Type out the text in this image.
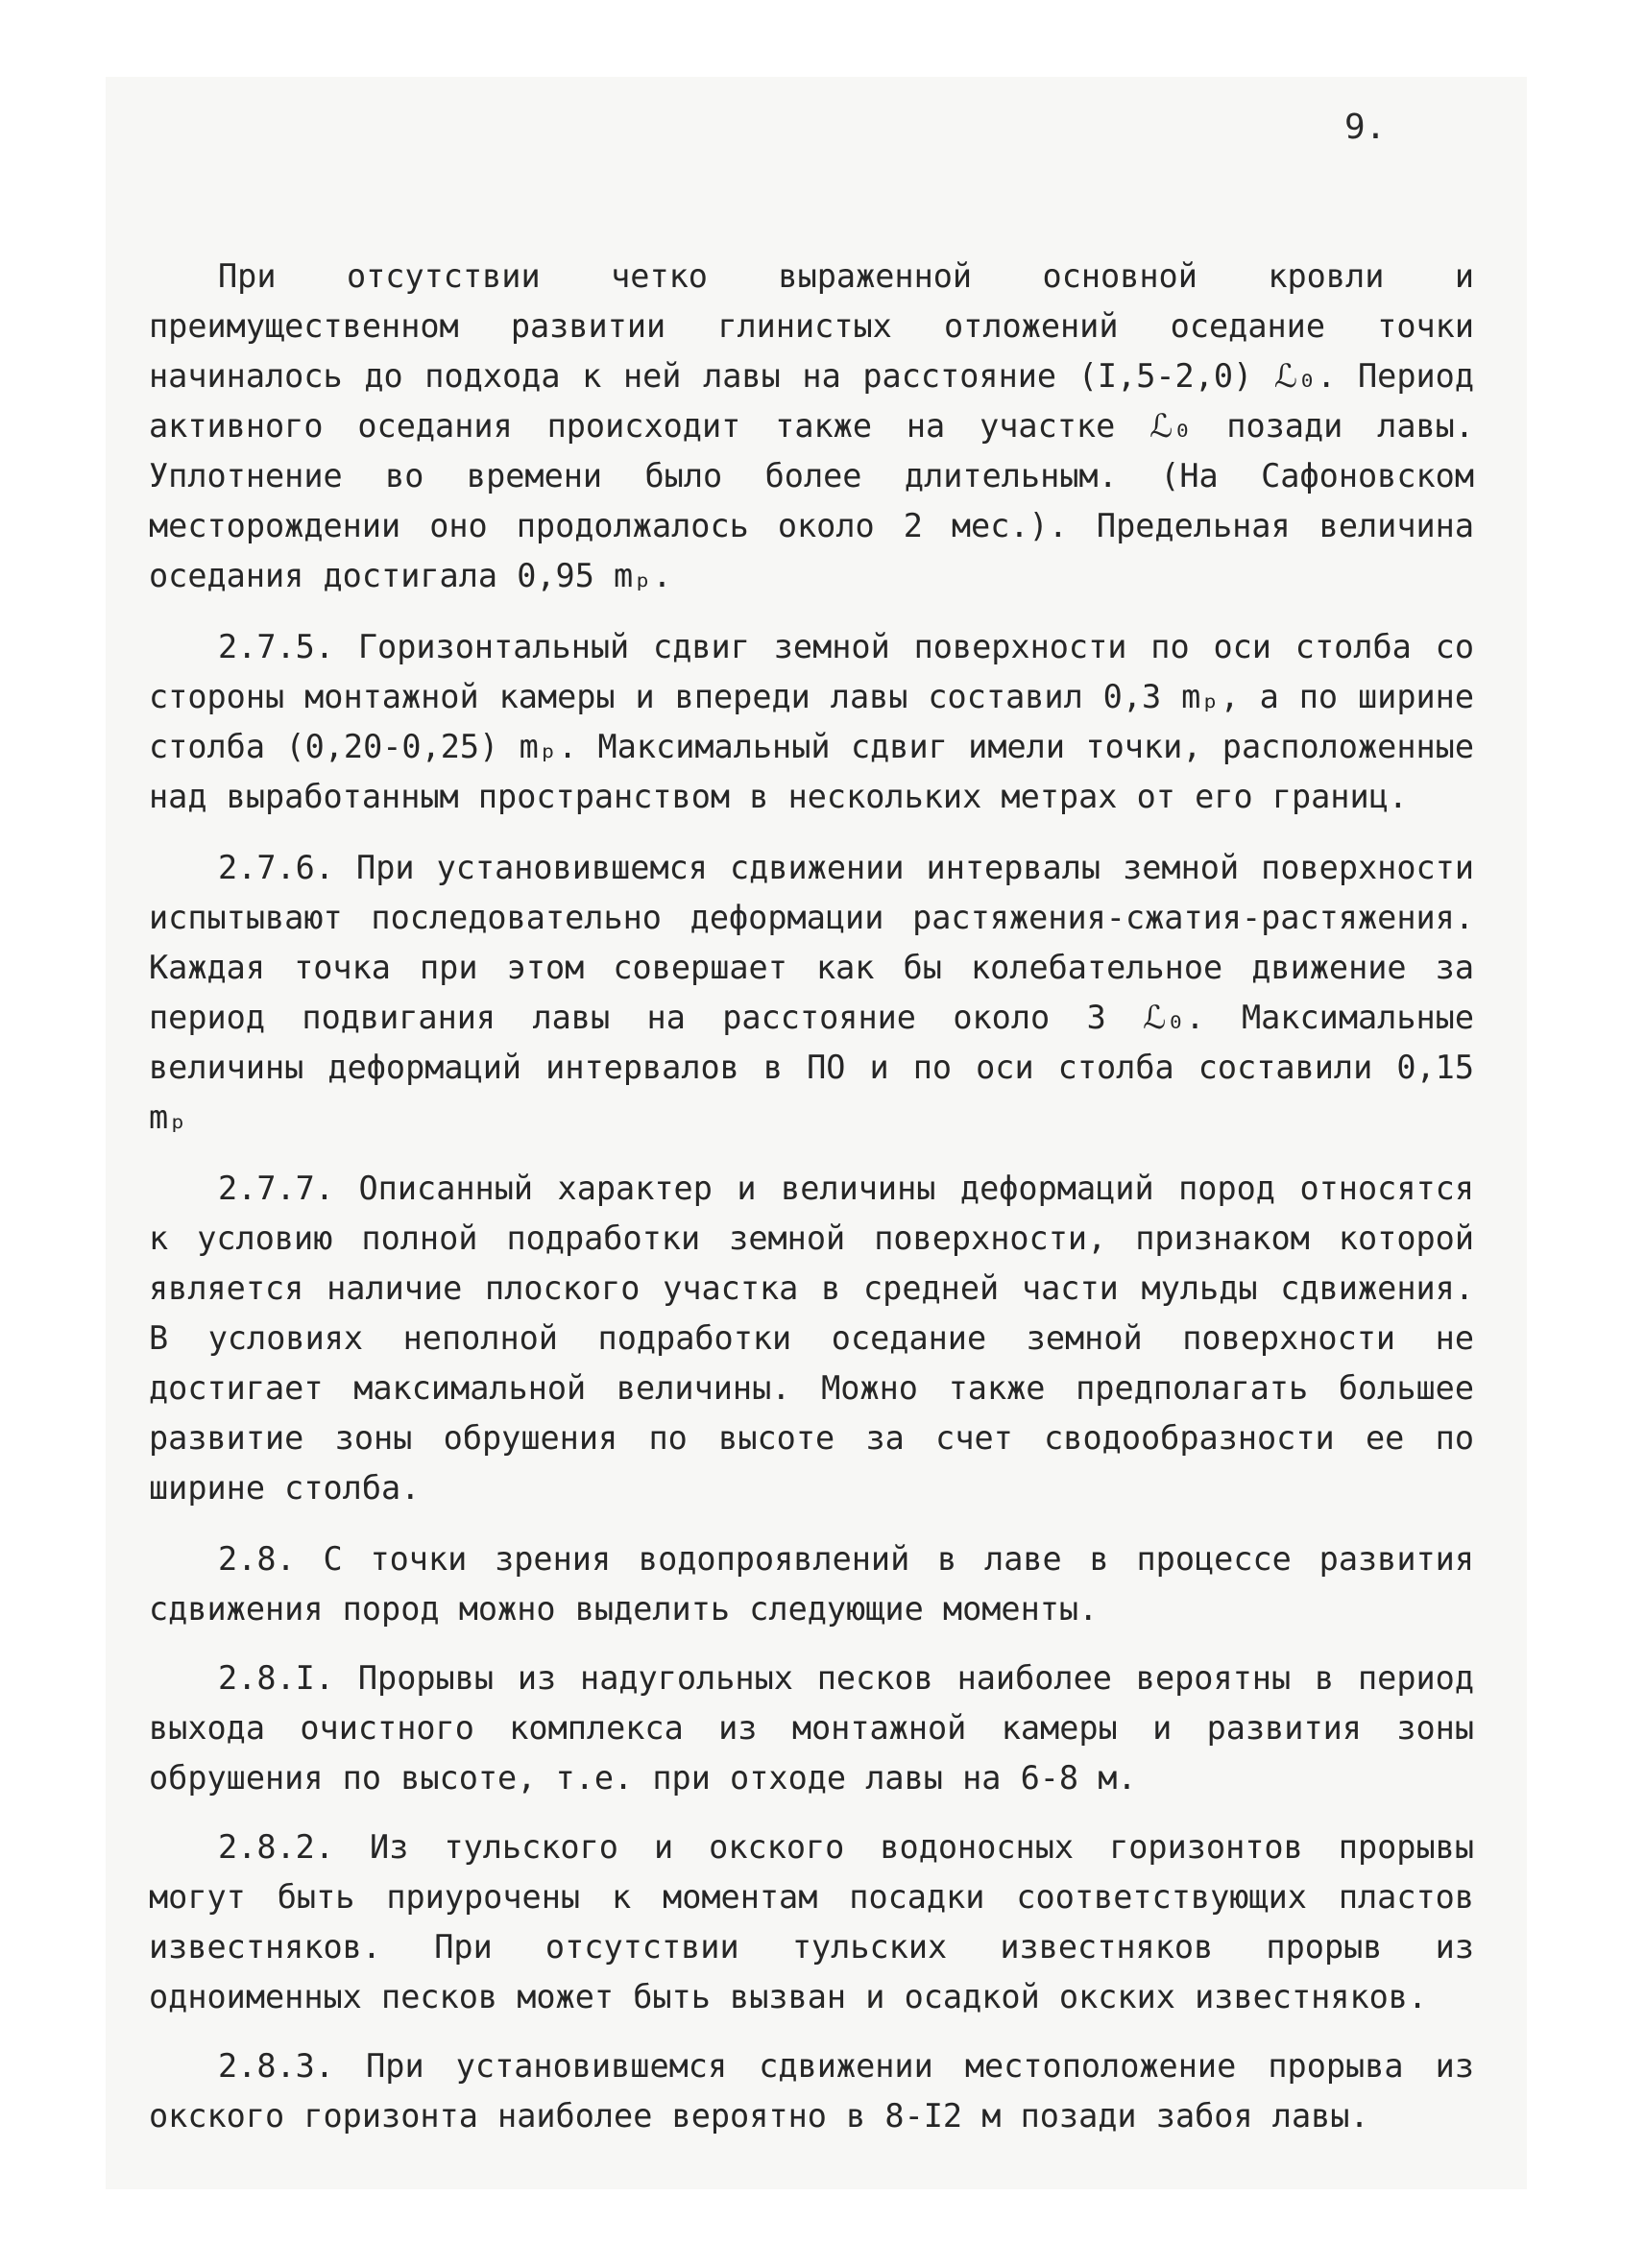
9.

При отсутствии четко выраженной основной кровли и преимущественном развитии глинистых отложений оседание точки начиналось до подхода к ней лавы на расстояние (I,5-2,0) ℒ₀. Период активного оседания происходит также на участке ℒ₀ позади лавы. Уплотнение во времени было более длительным. (На Сафоновском месторождении оно продолжалось около 2 мес.). Предельная величина оседания достигала 0,95 mₚ.

2.7.5. Горизонтальный сдвиг земной поверхности по оси столба со стороны монтажной камеры и впереди лавы составил 0,3 mₚ, а по ширине столба (0,20-0,25) mₚ. Максимальный сдвиг имели точки, расположенные над выработанным пространством в нескольких метрах от его границ.

2.7.6. При установившемся сдвижении интервалы земной поверхности испытывают последовательно деформации растяжения-сжатия-растяжения. Каждая точка при этом совершает как бы колебательное движение за период подвигания лавы на расстояние около 3 ℒ₀. Максимальные величины деформаций интервалов в ПО и по оси столба составили 0,15 mₚ

2.7.7. Описанный характер и величины деформаций пород относятся к условию полной подработки земной поверхности, признаком которой является наличие плоского участка в средней части мульды сдвижения. В условиях неполной подработки оседание земной поверхности не достигает максимальной величины. Можно также предполагать большее развитие зоны обрушения по высоте за счет сводообразности ее по ширине столба.

2.8. С точки зрения водопроявлений в лаве в процессе развития сдвижения пород можно выделить следующие моменты.

2.8.I. Прорывы из надугольных песков наиболее вероятны в период выхода очистного комплекса из монтажной камеры и развития зоны обрушения по высоте, т.е. при отходе лавы на 6-8 м.

2.8.2. Из тульского и окского водоносных горизонтов прорывы могут быть приурочены к моментам посадки соответствующих пластов известняков. При отсутствии тульских известняков прорыв из одноименных песков может быть вызван и осадкой окских известняков.

2.8.3. При установившемся сдвижении местоположение прорыва из окского горизонта наиболее вероятно в 8-I2 м позади забоя лавы.
